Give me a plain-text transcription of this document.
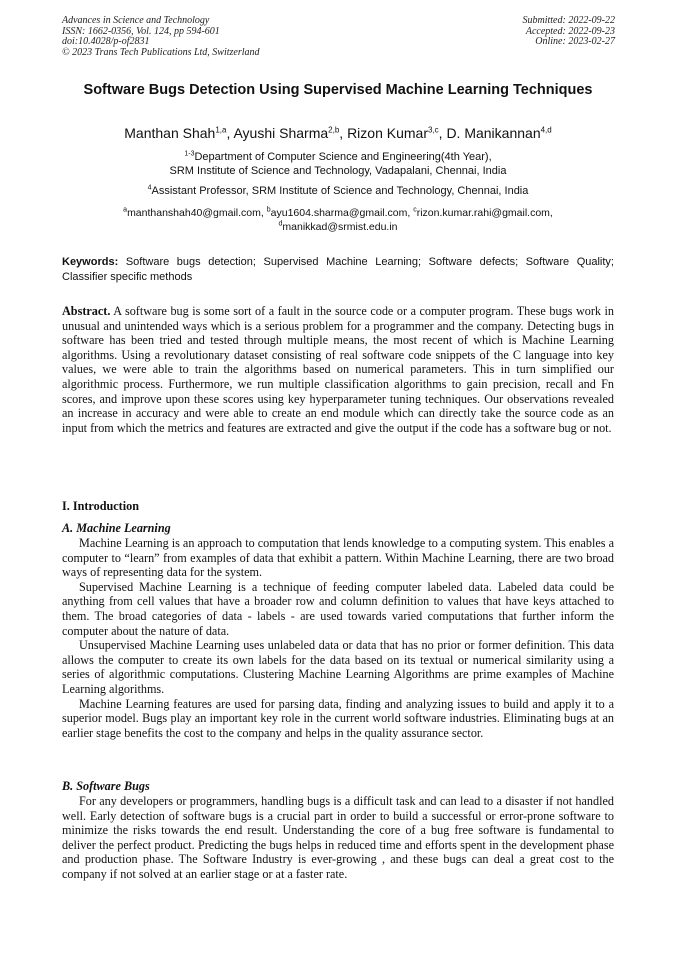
Advances in Science and Technology
ISSN: 1662-0356, Vol. 124, pp 594-601
doi:10.4028/p-of2831
© 2023 Trans Tech Publications Ltd, Switzerland
Submitted: 2022-09-22
Accepted: 2022-09-23
Online: 2023-02-27
Software Bugs Detection Using Supervised Machine Learning Techniques
Manthan Shah$^{1,a}$, Ayushi Sharma$^{2,b}$, Rizon Kumar$^{3,c}$, D. Manikannan$^{4,d}$
$^{1-3}$Department of Computer Science and Engineering(4th Year),
SRM Institute of Science and Technology, Vadapalani, Chennai, India
$^4$Assistant Professor, SRM Institute of Science and Technology, Chennai, India
$^a$manthanshah40@gmail.com, $^b$ayu1604.sharma@gmail.com, $^c$rizon.kumar.rahi@gmail.com,
$^d$manikkad@srmist.edu.in
Keywords: Software bugs detection; Supervised Machine Learning; Software defects; Software Quality; Classifier specific methods
Abstract. A software bug is some sort of a fault in the source code or a computer program. These bugs work in unusual and unintended ways which is a serious problem for a programmer and the company. Detecting bugs in software has been tried and tested through multiple means, the most recent of which is Machine Learning algorithms. Using a revolutionary dataset consisting of real software code snippets of the C language into key values, we were able to train the algorithms based on numerical parameters. This in turn simplified our algorithmic process. Furthermore, we run multiple classification algorithms to gain precision, recall and Fn scores, and improve upon these scores using key hyperparameter tuning techniques. Our observations revealed an increase in accuracy and were able to create an end module which can directly take the source code as an input from which the metrics and features are extracted and give the output if the code has a software bug or not.
I. Introduction
A. Machine Learning

Machine Learning is an approach to computation that lends knowledge to a computing system. This enables a computer to “learn” from examples of data that exhibit a pattern. Within Machine Learning, there are two broad ways of representing data for the system.

Supervised Machine Learning is a technique of feeding computer labeled data. Labeled data could be anything from cell values that have a broader row and column definition to values that have keys attached to them. The broad categories of data - labels - are used towards varied computations that further inform the computer about the nature of data.

Unsupervised Machine Learning uses unlabeled data or data that has no prior or former definition. This data allows the computer to create its own labels for the data based on its textual or numerical similarity using a series of algorithmic computations. Clustering Machine Learning Algorithms are prime examples of Machine Learning algorithms.

Machine Learning features are used for parsing data, finding and analyzing issues to build and apply it to a superior model. Bugs play an important key role in the current world software industries. Eliminating bugs at an earlier stage benefits the cost to the company and helps in the quality assurance sector.

B. Software Bugs

For any developers or programmers, handling bugs is a difficult task and can lead to a disaster if not handled well. Early detection of software bugs is a crucial part in order to build a successful or error-prone software to minimize the risks towards the end result. Understanding the core of a bug free software is fundamental to deliver the perfect product. Predicting the bugs helps in reduced time and efforts spent in the development phase and production phase. The Software Industry is ever-growing , and these bugs can deal a great cost to the company if not solved at an earlier stage or at a faster rate.
